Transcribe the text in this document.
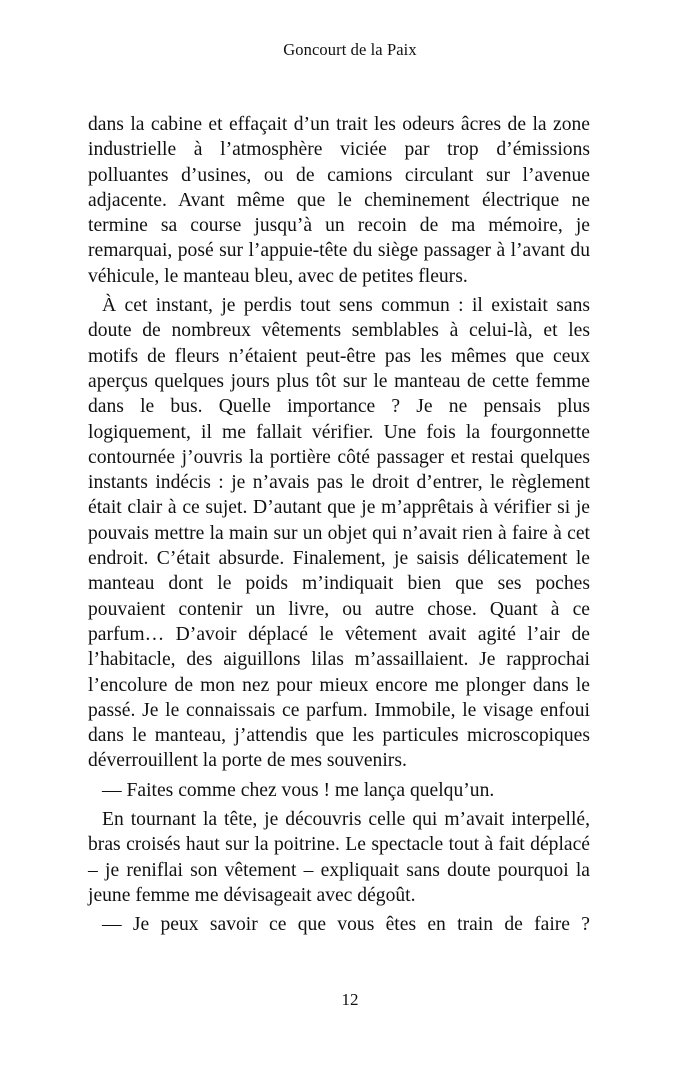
Goncourt de la Paix

dans la cabine et effaçait d’un trait les odeurs âcres de la zone industrielle à l’atmosphère viciée par trop d’émissions polluantes d’usines, ou de camions circulant sur l’avenue adjacente. Avant même que le cheminement électrique ne termine sa course jusqu’à un recoin de ma mémoire, je remarquai, posé sur l’appuie-tête du siège passager à l’avant du véhicule, le manteau bleu, avec de petites fleurs.

À cet instant, je perdis tout sens commun : il existait sans doute de nombreux vêtements semblables à celui-là, et les motifs de fleurs n’étaient peut-être pas les mêmes que ceux aperçus quelques jours plus tôt sur le manteau de cette femme dans le bus. Quelle importance ? Je ne pensais plus logiquement, il me fallait vérifier. Une fois la fourgonnette contournée j’ouvris la portière côté passager et restai quelques instants indécis : je n’avais pas le droit d’entrer, le règlement était clair à ce sujet. D’autant que je m’apprêtais à vérifier si je pouvais mettre la main sur un objet qui n’avait rien à faire à cet endroit. C’était absurde. Finalement, je saisis délicatement le manteau dont le poids m’indiquait bien que ses poches pouvaient contenir un livre, ou autre chose. Quant à ce parfum… D’avoir déplacé le vêtement avait agité l’air de l’habitacle, des aiguillons lilas m’assaillaient. Je rapprochai l’encolure de mon nez pour mieux encore me plonger dans le passé. Je le connaissais ce parfum. Immobile, le visage enfoui dans le manteau, j’attendis que les particules microscopiques déverrouillent la porte de mes souvenirs.

— Faites comme chez vous ! me lança quelqu’un.

En tournant la tête, je découvris celle qui m’avait interpellé, bras croisés haut sur la poitrine. Le spectacle tout à fait déplacé – je reniflai son vêtement – expliquait sans doute pourquoi la jeune femme me dévisageait avec dégoût.

— Je peux savoir ce que vous êtes en train de faire ?

12
